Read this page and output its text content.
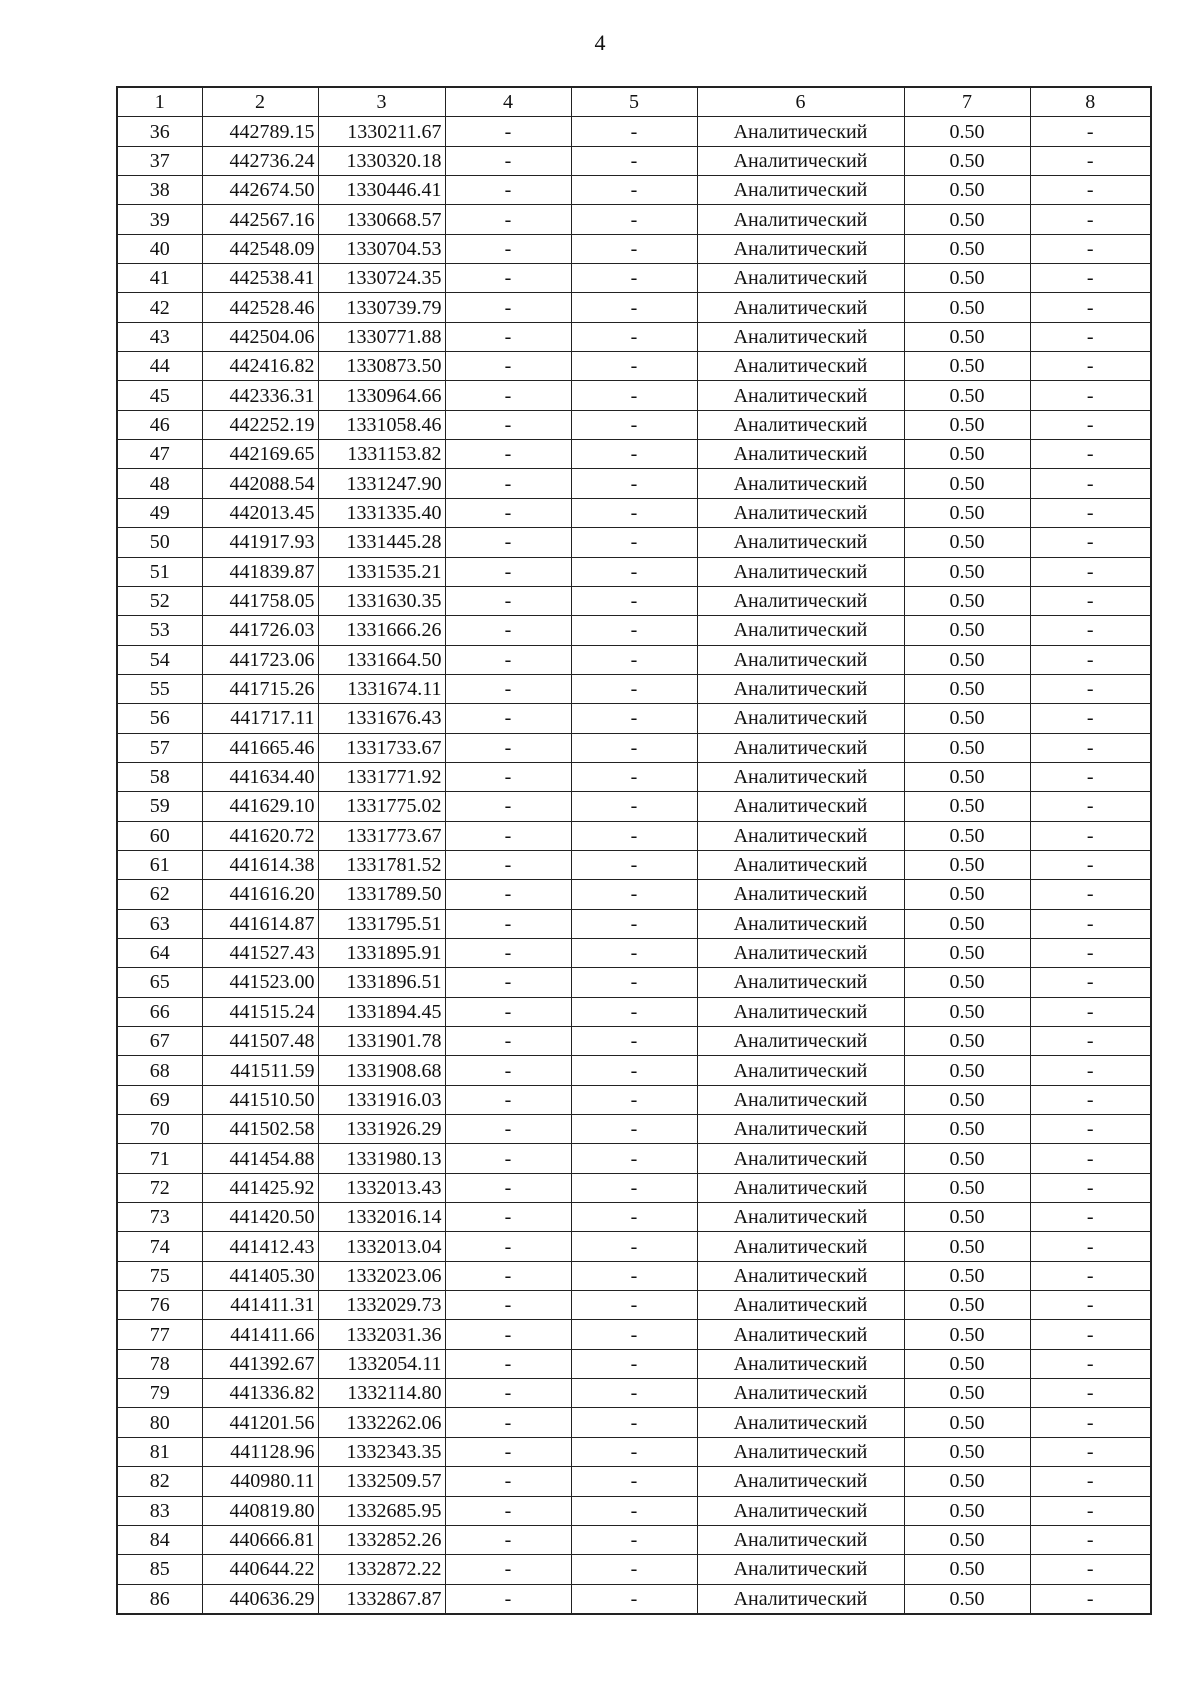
4
1	2	3	4	5	6	7	8
36	442789.15	1330211.67	-	-	Аналитический	0.50	-
37	442736.24	1330320.18	-	-	Аналитический	0.50	-
38	442674.50	1330446.41	-	-	Аналитический	0.50	-
39	442567.16	1330668.57	-	-	Аналитический	0.50	-
40	442548.09	1330704.53	-	-	Аналитический	0.50	-
41	442538.41	1330724.35	-	-	Аналитический	0.50	-
42	442528.46	1330739.79	-	-	Аналитический	0.50	-
43	442504.06	1330771.88	-	-	Аналитический	0.50	-
44	442416.82	1330873.50	-	-	Аналитический	0.50	-
45	442336.31	1330964.66	-	-	Аналитический	0.50	-
46	442252.19	1331058.46	-	-	Аналитический	0.50	-
47	442169.65	1331153.82	-	-	Аналитический	0.50	-
48	442088.54	1331247.90	-	-	Аналитический	0.50	-
49	442013.45	1331335.40	-	-	Аналитический	0.50	-
50	441917.93	1331445.28	-	-	Аналитический	0.50	-
51	441839.87	1331535.21	-	-	Аналитический	0.50	-
52	441758.05	1331630.35	-	-	Аналитический	0.50	-
53	441726.03	1331666.26	-	-	Аналитический	0.50	-
54	441723.06	1331664.50	-	-	Аналитический	0.50	-
55	441715.26	1331674.11	-	-	Аналитический	0.50	-
56	441717.11	1331676.43	-	-	Аналитический	0.50	-
57	441665.46	1331733.67	-	-	Аналитический	0.50	-
58	441634.40	1331771.92	-	-	Аналитический	0.50	-
59	441629.10	1331775.02	-	-	Аналитический	0.50	-
60	441620.72	1331773.67	-	-	Аналитический	0.50	-
61	441614.38	1331781.52	-	-	Аналитический	0.50	-
62	441616.20	1331789.50	-	-	Аналитический	0.50	-
63	441614.87	1331795.51	-	-	Аналитический	0.50	-
64	441527.43	1331895.91	-	-	Аналитический	0.50	-
65	441523.00	1331896.51	-	-	Аналитический	0.50	-
66	441515.24	1331894.45	-	-	Аналитический	0.50	-
67	441507.48	1331901.78	-	-	Аналитический	0.50	-
68	441511.59	1331908.68	-	-	Аналитический	0.50	-
69	441510.50	1331916.03	-	-	Аналитический	0.50	-
70	441502.58	1331926.29	-	-	Аналитический	0.50	-
71	441454.88	1331980.13	-	-	Аналитический	0.50	-
72	441425.92	1332013.43	-	-	Аналитический	0.50	-
73	441420.50	1332016.14	-	-	Аналитический	0.50	-
74	441412.43	1332013.04	-	-	Аналитический	0.50	-
75	441405.30	1332023.06	-	-	Аналитический	0.50	-
76	441411.31	1332029.73	-	-	Аналитический	0.50	-
77	441411.66	1332031.36	-	-	Аналитический	0.50	-
78	441392.67	1332054.11	-	-	Аналитический	0.50	-
79	441336.82	1332114.80	-	-	Аналитический	0.50	-
80	441201.56	1332262.06	-	-	Аналитический	0.50	-
81	441128.96	1332343.35	-	-	Аналитический	0.50	-
82	440980.11	1332509.57	-	-	Аналитический	0.50	-
83	440819.80	1332685.95	-	-	Аналитический	0.50	-
84	440666.81	1332852.26	-	-	Аналитический	0.50	-
85	440644.22	1332872.22	-	-	Аналитический	0.50	-
86	440636.29	1332867.87	-	-	Аналитический	0.50	-
